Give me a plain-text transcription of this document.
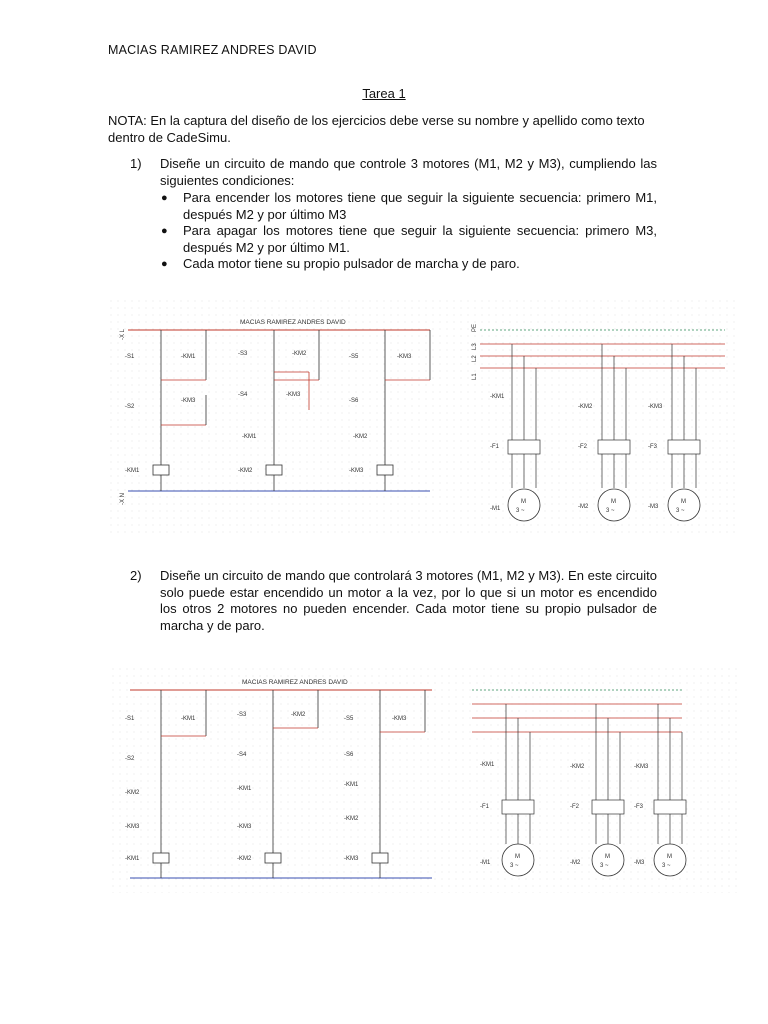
MACIAS RAMIREZ ANDRES DAVID
Tarea 1
NOTA: En la captura del diseño de los ejercicios debe verse su nombre y apellido como texto dentro de CadeSimu.
1) Diseñe un circuito de mando que controle 3 motores (M1, M2 y M3), cumpliendo las siguientes condiciones:
● Para encender los motores tiene que seguir la siguiente secuencia: primero M1, después M2 y por último M3
● Para apagar los motores tiene que seguir la siguiente secuencia: primero M3, después M2 y por último M1.
● Cada motor tiene su propio pulsador de marcha y de paro.
MACIAS RAMIREZ ANDRES DAVID
-X L
-X N
-S1	-KM1
-S2
-KM3
-KM1
-S3	-KM2
-S4	-KM3
-KM1
-KM2
-S5	-KM3
-S6
-KM2
-KM3
PE
L3
L2
L1
M
3 ~
-KM1
-F1
-M1
M
3 ~
-KM2
-F2
-M2
M
3 ~
-KM3
-F3
-M3
2) Diseñe un circuito de mando que controlará 3 motores (M1, M2 y M3). En este circuito solo puede estar encendido un motor a la vez, por lo que si un motor es encendido los otros 2 motores no pueden encender. Cada motor tiene su propio pulsador de marcha y de paro.
MACIAS RAMIREZ ANDRES DAVID
-S1	-KM1
-S2
-KM2
-KM3
-KM1
-S3	-KM2
-S4
-KM1
-KM3
-KM2
-S5	-KM3
-S6
-KM1
-KM2
-KM3	M
3 ~
-KM1
-F1
-M1
M
3 ~
-KM2
-F2
-M2
M
3 ~
-KM3
-F3
-M3
